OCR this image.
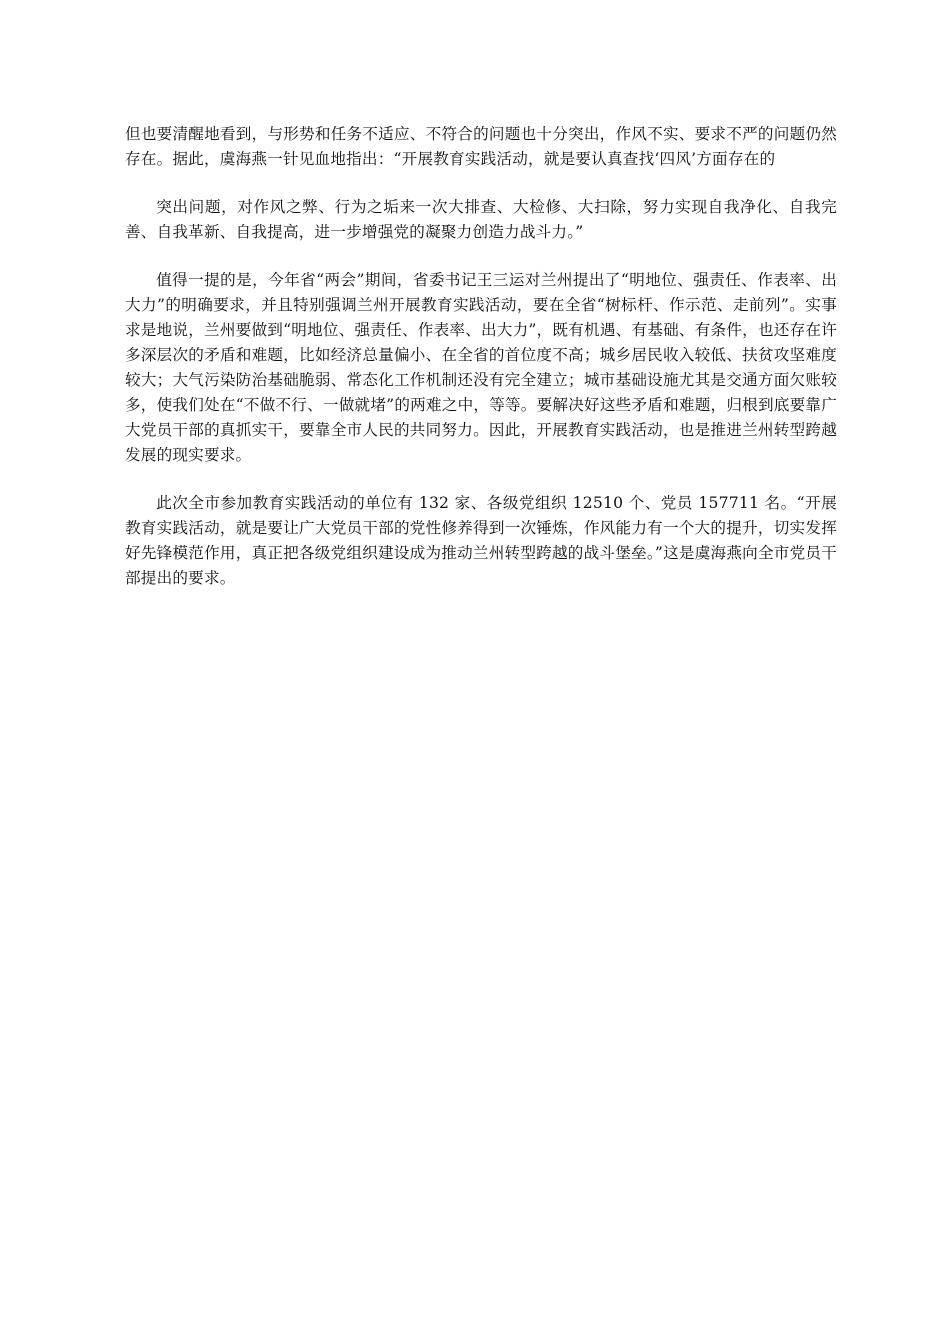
但也要清醒地看到，与形势和任务不适应、不符合的问题也十分突出，作风不实、要求不严的问题仍然存在。据此，虞海燕一针见血地指出：“开展教育实践活动，就是要认真查找‘四风’方面存在的

突出问题，对作风之弊、行为之垢来一次大排查、大检修、大扫除，努力实现自我净化、自我完善、自我革新、自我提高，进一步增强党的凝聚力创造力战斗力。”

值得一提的是，今年省“两会”期间，省委书记王三运对兰州提出了“明地位、强责任、作表率、出大力”的明确要求，并且特别强调兰州开展教育实践活动，要在全省“树标杆、作示范、走前列”。实事求是地说，兰州要做到“明地位、强责任、作表率、出大力”，既有机遇、有基础、有条件，也还存在许多深层次的矛盾和难题，比如经济总量偏小、在全省的首位度不高；城乡居民收入较低、扶贫攻坚难度较大；大气污染防治基础脆弱、常态化工作机制还没有完全建立；城市基础设施尤其是交通方面欠账较多，使我们处在“不做不行、一做就堵”的两难之中，等等。要解决好这些矛盾和难题，归根到底要靠广大党员干部的真抓实干，要靠全市人民的共同努力。因此，开展教育实践活动，也是推进兰州转型跨越发展的现实要求。

此次全市参加教育实践活动的单位有 132 家、各级党组织 12510 个、党员 157711 名。“开展教育实践活动，就是要让广大党员干部的党性修养得到一次锤炼，作风能力有一个大的提升，切实发挥好先锋模范作用，真正把各级党组织建设成为推动兰州转型跨越的战斗堡垒。”这是虞海燕向全市党员干部提出的要求。
